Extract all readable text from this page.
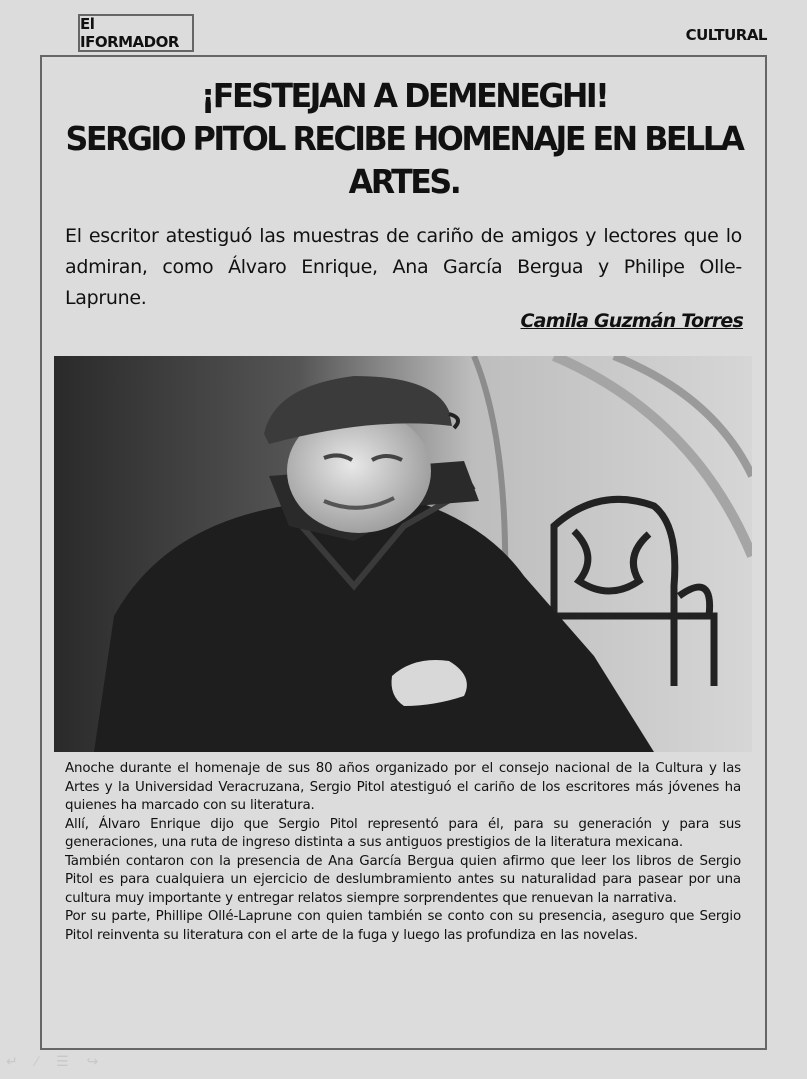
El IFORMADOR	CULTURAL
¡FESTEJAN A DEMENEGHI!
SERGIO PITOL RECIBE HOMENAJE EN BELLA
ARTES.

El escritor atestiguó las muestras de cariño de amigos y lectores que lo admiran, como Álvaro Enrique, Ana García Bergua y Philipe Olle-Laprune.

Camila Guzmán Torres

Anoche durante el homenaje de sus 80 años organizado por el consejo nacional de la Cultura y las Artes y la Universidad Veracruzana, Sergio Pitol atestiguó el cariño de los escritores más jóvenes ha quienes ha marcado con su literatura.

Allí, Álvaro Enrique dijo que Sergio Pitol representó para él, para su generación y para sus generaciones, una ruta de ingreso distinta a sus antiguos prestigios de la literatura mexicana.

También contaron con la presencia de Ana García Bergua quien afirmo que leer los libros de Sergio Pitol es para cualquiera un ejercicio de deslumbramiento antes su naturalidad para pasear por una cultura muy importante y entregar relatos siempre sorprendentes que renuevan la narrativa.

Por su parte, Phillipe Ollé-Laprune con quien también se conto con su presencia, aseguro que Sergio Pitol reinventa su literatura con el arte de la fuga y luego las profundiza en las novelas.

↵ ∕ ☰ ↪
